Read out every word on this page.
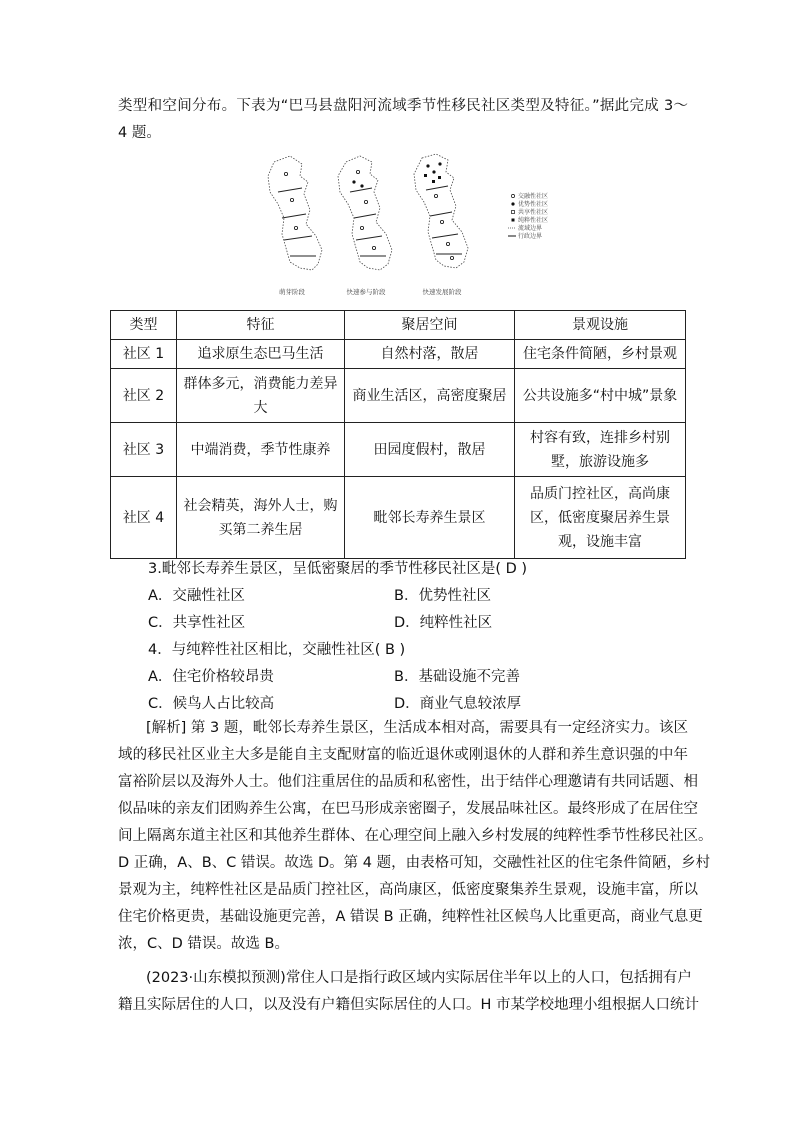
类型和空间分布。下表为“巴马县盘阳河流域季节性移民社区类型及特征。”据此完成 3～
4 题。
萌芽阶段	快速参与阶段	快速发展阶段
交融性社区
优势性社区
共享性社区
纯粹性社区
流域边界
行政边界
类型	特征	聚居空间	景观设施
社区 1	追求原生态巴马生活	自然村落，散居	住宅条件简陋，乡村景观
社区 2	群体多元，消费能力差异大	商业生活区，高密度聚居	公共设施多“村中城”景象
社区 3	中端消费，季节性康养	田园度假村，散居	村容有致，连排乡村别墅，旅游设施多
社区 4	社会精英，海外人士，购买第二养生居	毗邻长寿养生景区	品质门控社区，高尚康区，低密度聚居养生景观，设施丰富
3.毗邻长寿养生景区，呈低密聚居的季节性移民社区是( D )
A．交融性社区	B．优势性社区
C．共享性社区	D．纯粹性社区
4．与纯粹性社区相比，交融性社区( B )
A．住宅价格较昂贵	B．基础设施不完善
C．候鸟人占比较高	D．商业气息较浓厚
[解析] 第 3 题，毗邻长寿养生景区，生活成本相对高，需要具有一定经济实力。该区
域的移民社区业主大多是能自主支配财富的临近退休或刚退休的人群和养生意识强的中年
富裕阶层以及海外人士。他们注重居住的品质和私密性，出于结伴心理邀请有共同话题、相
似品味的亲友们团购养生公寓，在巴马形成亲密圈子，发展品味社区。最终形成了在居住空
间上隔离东道主社区和其他养生群体、在心理空间上融入乡村发展的纯粹性季节性移民社区。
D 正确，A、B、C 错误。故选 D。第 4 题，由表格可知，交融性社区的住宅条件简陋，乡村
景观为主，纯粹性社区是品质门控社区，高尚康区，低密度聚集养生景观，设施丰富，所以
住宅价格更贵，基础设施更完善，A 错误 B 正确，纯粹性社区候鸟人比重更高，商业气息更
浓，C、D 错误。故选 B。
(2023·山东模拟预测)常住人口是指行政区域内实际居住半年以上的人口，包括拥有户
籍且实际居住的人口，以及没有户籍但实际居住的人口。H 市某学校地理小组根据人口统计
